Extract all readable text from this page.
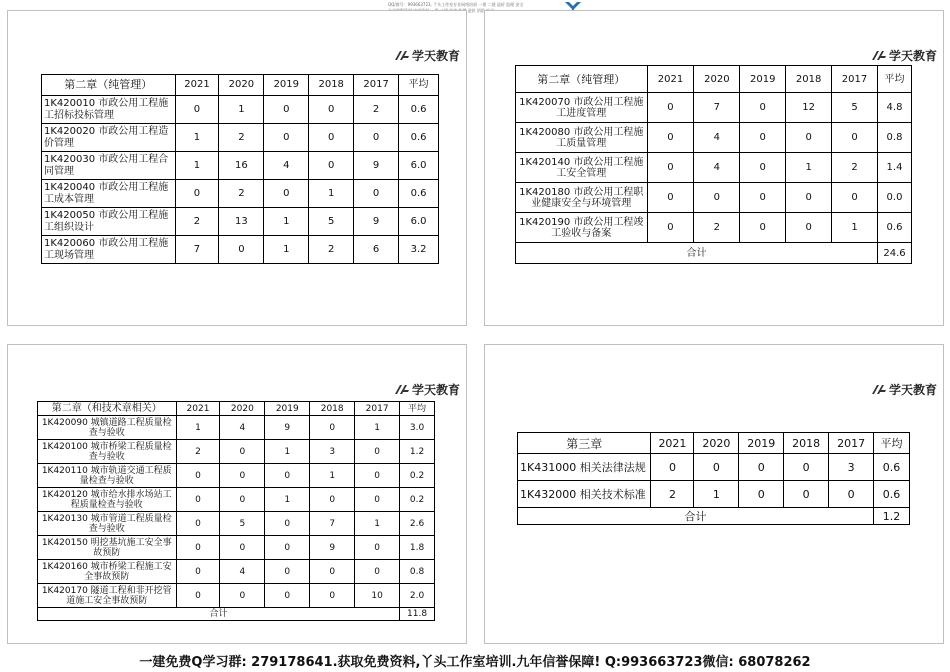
QQ/群号：993663723, 丫头工作室专业网络培训 一建 二建 造价 监理 安全
造价 消防
学天教育
第二章（纯管理）	2021	2020	2019	2018	2017	平均
1K420010 市政公用工程施工招标投标管理	0	1	0	0	2	0.6
1K420020 市政公用工程造价管理	1	2	0	0	0	0.6
1K420030 市政公用工程合同管理	1	16	4	0	9	6.0
1K420040 市政公用工程施工成本管理	0	2	0	1	0	0.6
1K420050 市政公用工程施工组织设计	2	13	1	5	9	6.0
1K420060 市政公用工程施工现场管理	7	0	1	2	6	3.2
学天教育
第二章（纯管理）	2021	2020	2019	2018	2017	平均
1K420070 市政公用工程施工进度管理	0	7	0	12	5	4.8
1K420080 市政公用工程施工质量管理	0	4	0	0	0	0.8
1K420140 市政公用工程施工安全管理	0	4	0	1	2	1.4
1K420180 市政公用工程职业健康安全与环境管理	0	0	0	0	0	0.0
1K420190 市政公用工程竣工验收与备案	0	2	0	0	1	0.6
合计						24.6
学天教育
第二章（和技术章相关）	2021	2020	2019	2018	2017	平均
1K420090 城镇道路工程质量检查与验收	1	4	9	0	1	3.0
1K420100 城市桥梁工程质量检查与验收	2	0	1	3	0	1.2
1K420110 城市轨道交通工程质量检查与验收	0	0	0	1	0	0.2
1K420120 城市给水排水场站工程质量检查与验收	0	0	1	0	0	0.2
1K420130 城市管道工程质量检查与验收	0	5	0	7	1	2.6
1K420150 明挖基坑施工安全事故预防	0	0	0	9	0	1.8
1K420160 城市桥梁工程施工安全事故预防	0	4	0	0	0	0.8
1K420170 隧道工程和非开挖管道施工安全事故预防	0	0	0	0	10	2.0
合计						11.8
学天教育
第三章	2021	2020	2019	2018	2017	平均
1K431000 相关法律法规	0	0	0	0	3	0.6
1K432000 相关技术标准	2	1	0	0	0	0.6
合计						1.2
一建免费Q学习群: 279178641.获取免费资料,丫头工作室培训.九年信誉保障! Q:993663723微信: 68078262
